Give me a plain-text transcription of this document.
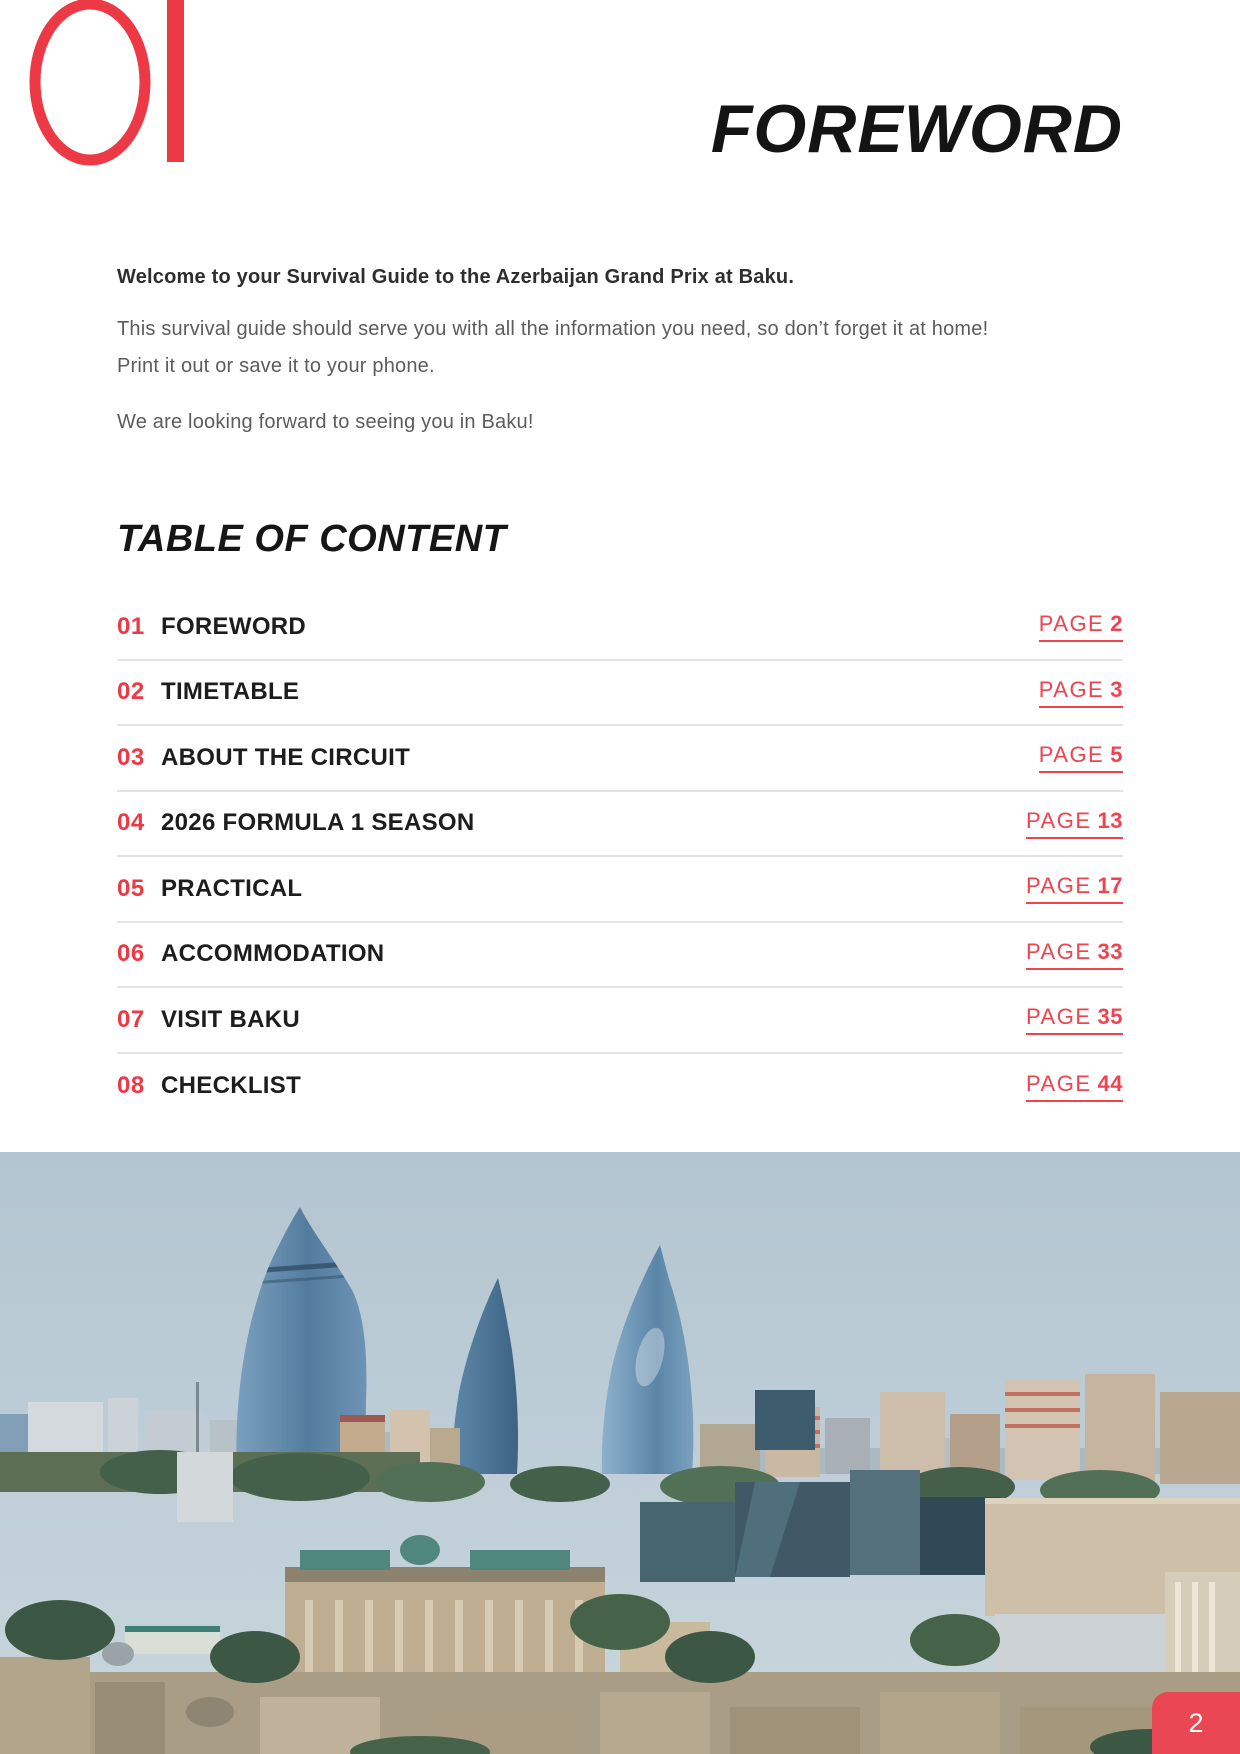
FOREWORD

Welcome to your Survival Guide to the Azerbaijan Grand Prix at Baku.

This survival guide should serve you with all the information you need, so don’t forget it at home! Print it out or save it to your phone.

We are looking forward to seeing you in Baku!

TABLE OF CONTENT
01 FOREWORD	PAGE 2
02 TIMETABLE	PAGE 3
03 ABOUT THE CIRCUIT	PAGE 5
04 2026 FORMULA 1 SEASON	PAGE 13
05 PRACTICAL	PAGE 17
06 ACCOMMODATION	PAGE 33
07 VISIT BAKU	PAGE 35
08 CHECKLIST	PAGE 44
2
